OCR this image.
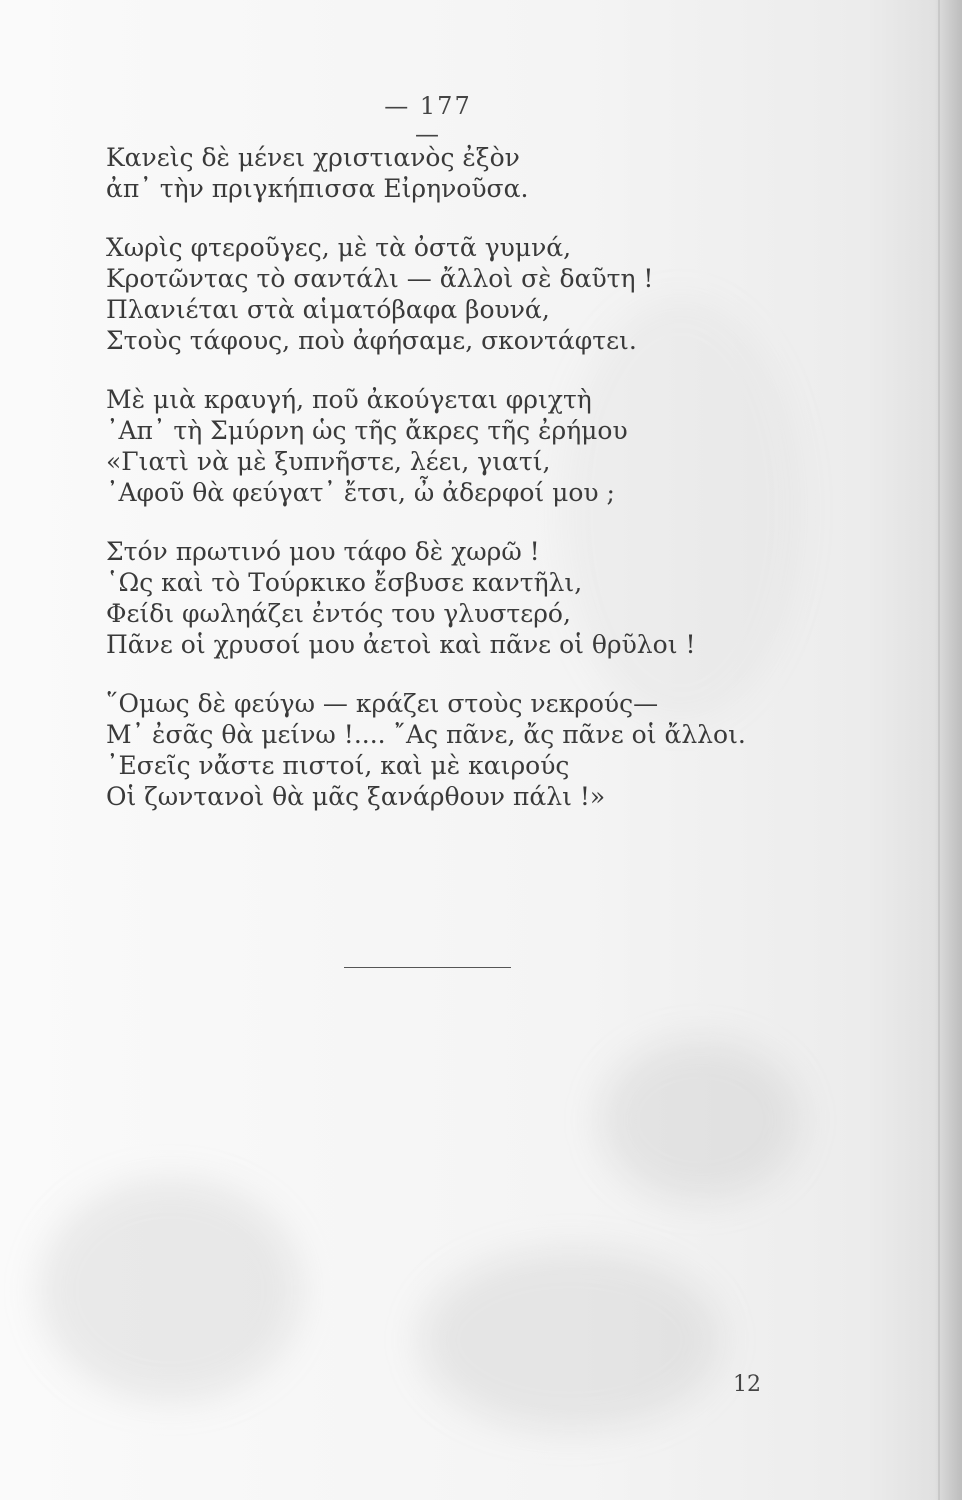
— 177 —
Κανεὶς δὲ μένει χριστιανὸς ἐξὸν
ἀπ᾽ τὴν πριγκήπισσα Εἰρηνοῦσα.
Χωρὶς φτεροῦγες, μὲ τὰ ὀστᾶ γυμνά,
Κροτῶντας τὸ σαντάλι — ἄλλοὶ σὲ δαῦτη !
Πλανιέται στὰ αἱματόβαφα βουνά,
Στοὺς τάφους, ποὺ ἀφήσαμε, σκοντάφτει.
Μὲ μιὰ κραυγή, ποῦ ἀκούγεται φριχτὴ
᾽Απ᾽ τὴ Σμύρνη ὡς τῆς ἄκρες τῆς ἐρήμου
«Γιατὶ νὰ μὲ ξυπνῆστε, λέει, γιατί,
᾽Αφοῦ θὰ φεύγατ᾽ ἔτσι, ὦ ἀδερφοί μου ;
Στόν πρωτινό μου τάφο δὲ χωρῶ !
῾Ως καὶ τὸ Τούρκικο ἔσβυσε καντῆλι,
Φείδι φωληάζει ἐντός του γλυστερό,
Πᾶνε οἱ χρυσοί μου ἀετοὶ καὶ πᾶνε οἱ θρῦλοι !
῞Ομως δὲ φεύγω — κράζει στοὺς νεκρούς—
Μ᾽ ἐσᾶς θὰ μείνω !.... ῎Ας πᾶνε, ἄς πᾶνε οἱ ἄλλοι.
᾽Εσεῖς νἄστε πιστοί, καὶ μὲ καιρούς
Οἱ ζωντανοὶ θὰ μᾶς ξανάρθουν πάλι !»
12
